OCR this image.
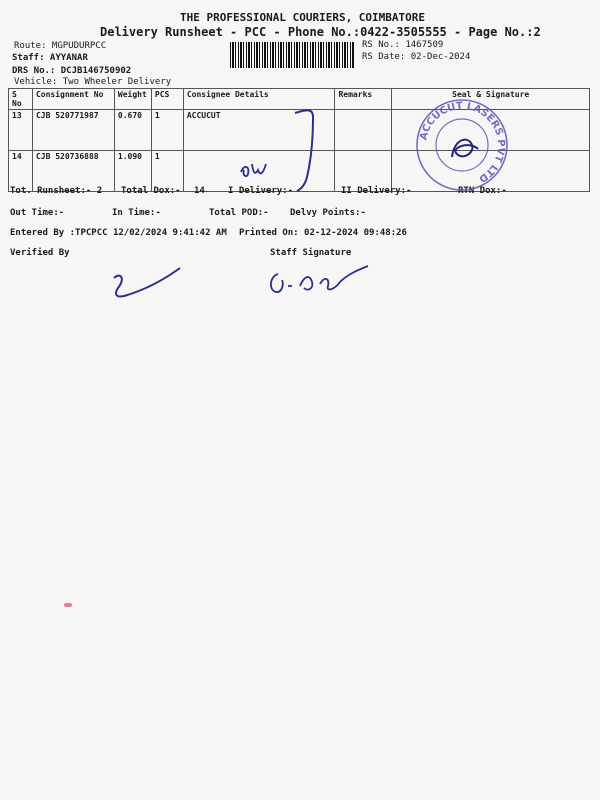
THE PROFESSIONAL COURIERS, COIMBATORE
Delivery Runsheet - PCC - Phone No.:0422-3505555 - Page No.:2
Route: MGPUDURPCC
Staff: AYYANAR
DRS No.: DCJB146750902
Vehicle: Two Wheeler Delivery
RS No.: 1467509
RS Date: 02-Dec-2024
S No	Consignment No	Weight	PCS	Consignee Details	Remarks	Seal & Signature
13	CJB 520771987	0.670	1	ACCUCUT		
14	CJB 520736888	1.090	1			
Tot. Runsheet:- 2 Total Dox:- 14	I Delivery:-	II Delivery:-	RTN Dox:-
Out Time:-	In Time:-	Total POD:- Delvy Points:-
Entered By :TPCPCC 12/02/2024 9:41:42 AM Printed On: 02-12-2024 09:48:26
Verified By	Staff Signature
ACCUCUT LASERS PVT LTD
